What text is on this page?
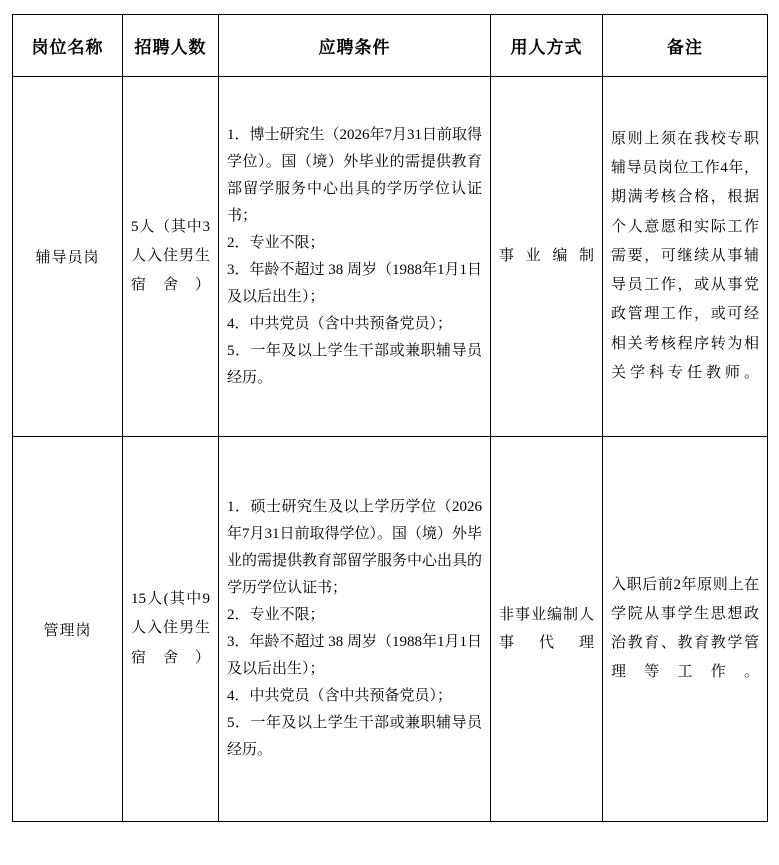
岗位名称	招聘人数	应聘条件	用人方式	备注
辅导员岗	5人（其中3人入住男生宿舍）	1．博士研究生（2026年7月31日前取得学位）。国（境）外毕业的需提供教育部留学服务中心出具的学历学位认证书；
2．专业不限；
3．年龄不超过 38 周岁（1988年1月1日及以后出生）；
4．中共党员（含中共预备党员）；
5．一年及以上学生干部或兼职辅导员经历。	事业编制	原则上须在我校专职辅导员岗位工作4年，期满考核合格，根据个人意愿和实际工作需要，可继续从事辅导员工作，或从事党政管理工作，或可经相关考核程序转为相关学科专任教师。
管理岗	15人(其中9人入住男生宿舍）	1．硕士研究生及以上学历学位（2026年7月31日前取得学位）。国（境）外毕业的需提供教育部留学服务中心出具的学历学位认证书；
2．专业不限；
3．年龄不超过 38 周岁（1988年1月1日及以后出生）；
4．中共党员（含中共预备党员）；
5．一年及以上学生干部或兼职辅导员经历。	非事业编制人事代理	入职后前2年原则上在学院从事学生思想政治教育、教育教学管理等工作。
